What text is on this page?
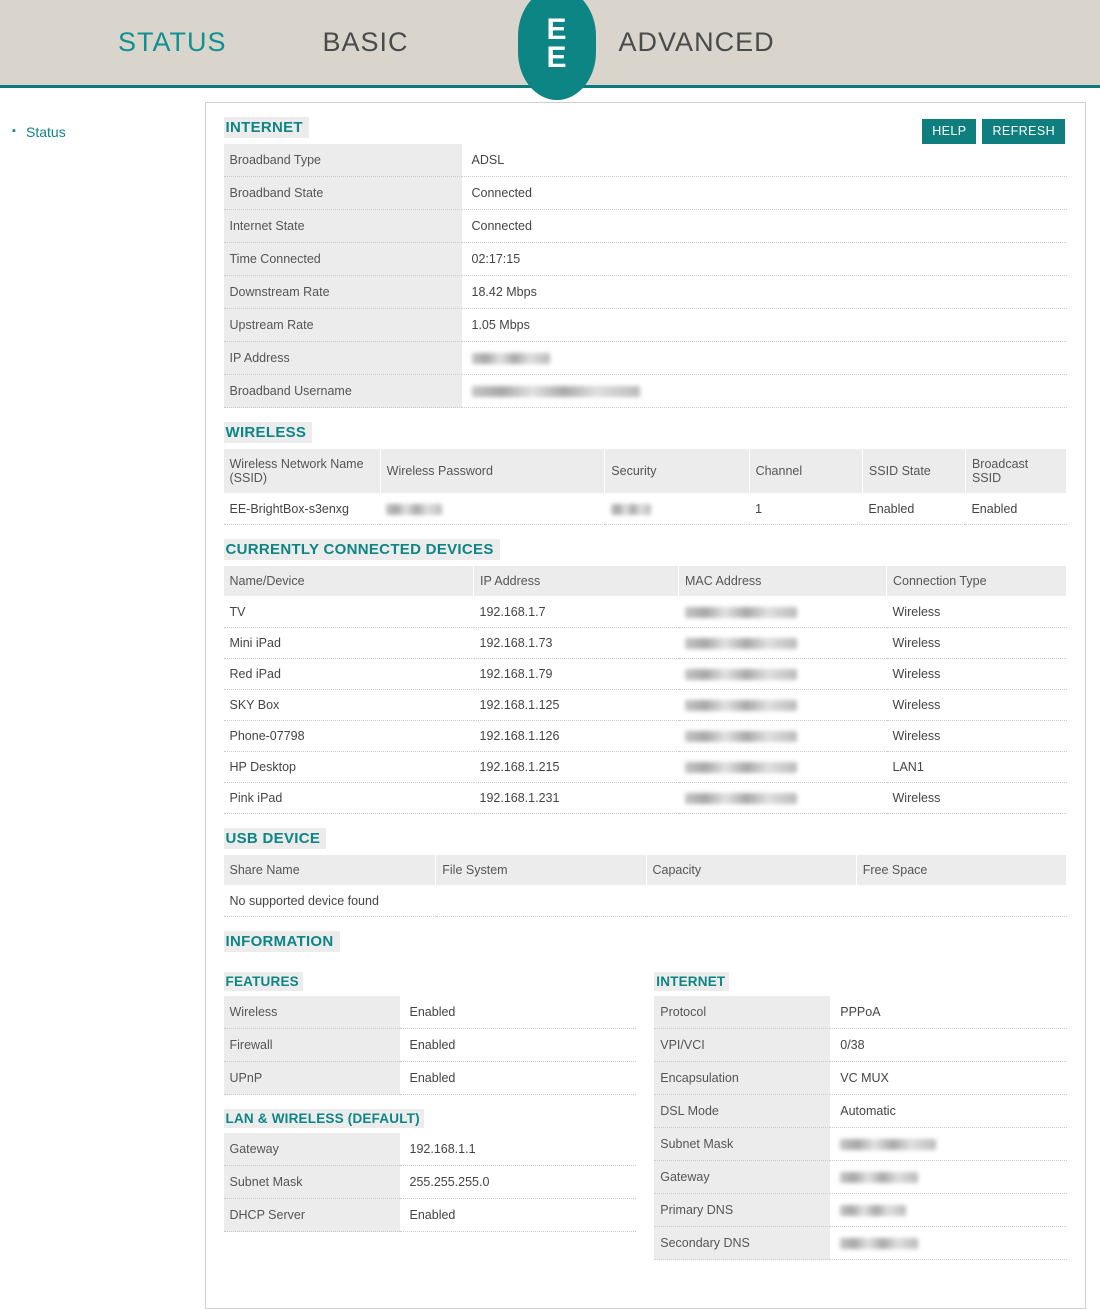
STATUS	BASIC	ADVANCED
E
E
▪ Status	HELP	REFRESH
INTERNET
Broadband Type	ADSL
Broadband State	Connected
Internet State	Connected
Time Connected	02:17:15
Downstream Rate	18.42 Mbps
Upstream Rate	1.05 Mbps
IP Address	
Broadband Username	
WIRELESS
Wireless Network Name (SSID)	Wireless Password	Security	Channel	SSID State	Broadcast SSID
EE-BrightBox-s3enxg			1	Enabled	Enabled
CURRENTLY CONNECTED DEVICES
Name/Device	IP Address	MAC Address	Connection Type
TV	192.168.1.7		Wireless
Mini iPad	192.168.1.73		Wireless
Red iPad	192.168.1.79		Wireless
SKY Box	192.168.1.125		Wireless
Phone-07798	192.168.1.126		Wireless
HP Desktop	192.168.1.215		LAN1
Pink iPad	192.168.1.231		Wireless
USB DEVICE
Share Name	File System	Capacity	Free Space
No supported device found
INFORMATION
FEATURES
Wireless	Enabled
Firewall	Enabled
UPnP	Enabled
LAN & WIRELESS (DEFAULT)
Gateway	192.168.1.1
Subnet Mask	255.255.255.0
DHCP Server	Enabled
INTERNET
Protocol	PPPoA
VPI/VCI	0/38
Encapsulation	VC MUX
DSL Mode	Automatic
Subnet Mask	
Gateway	
Primary DNS	
Secondary DNS	
